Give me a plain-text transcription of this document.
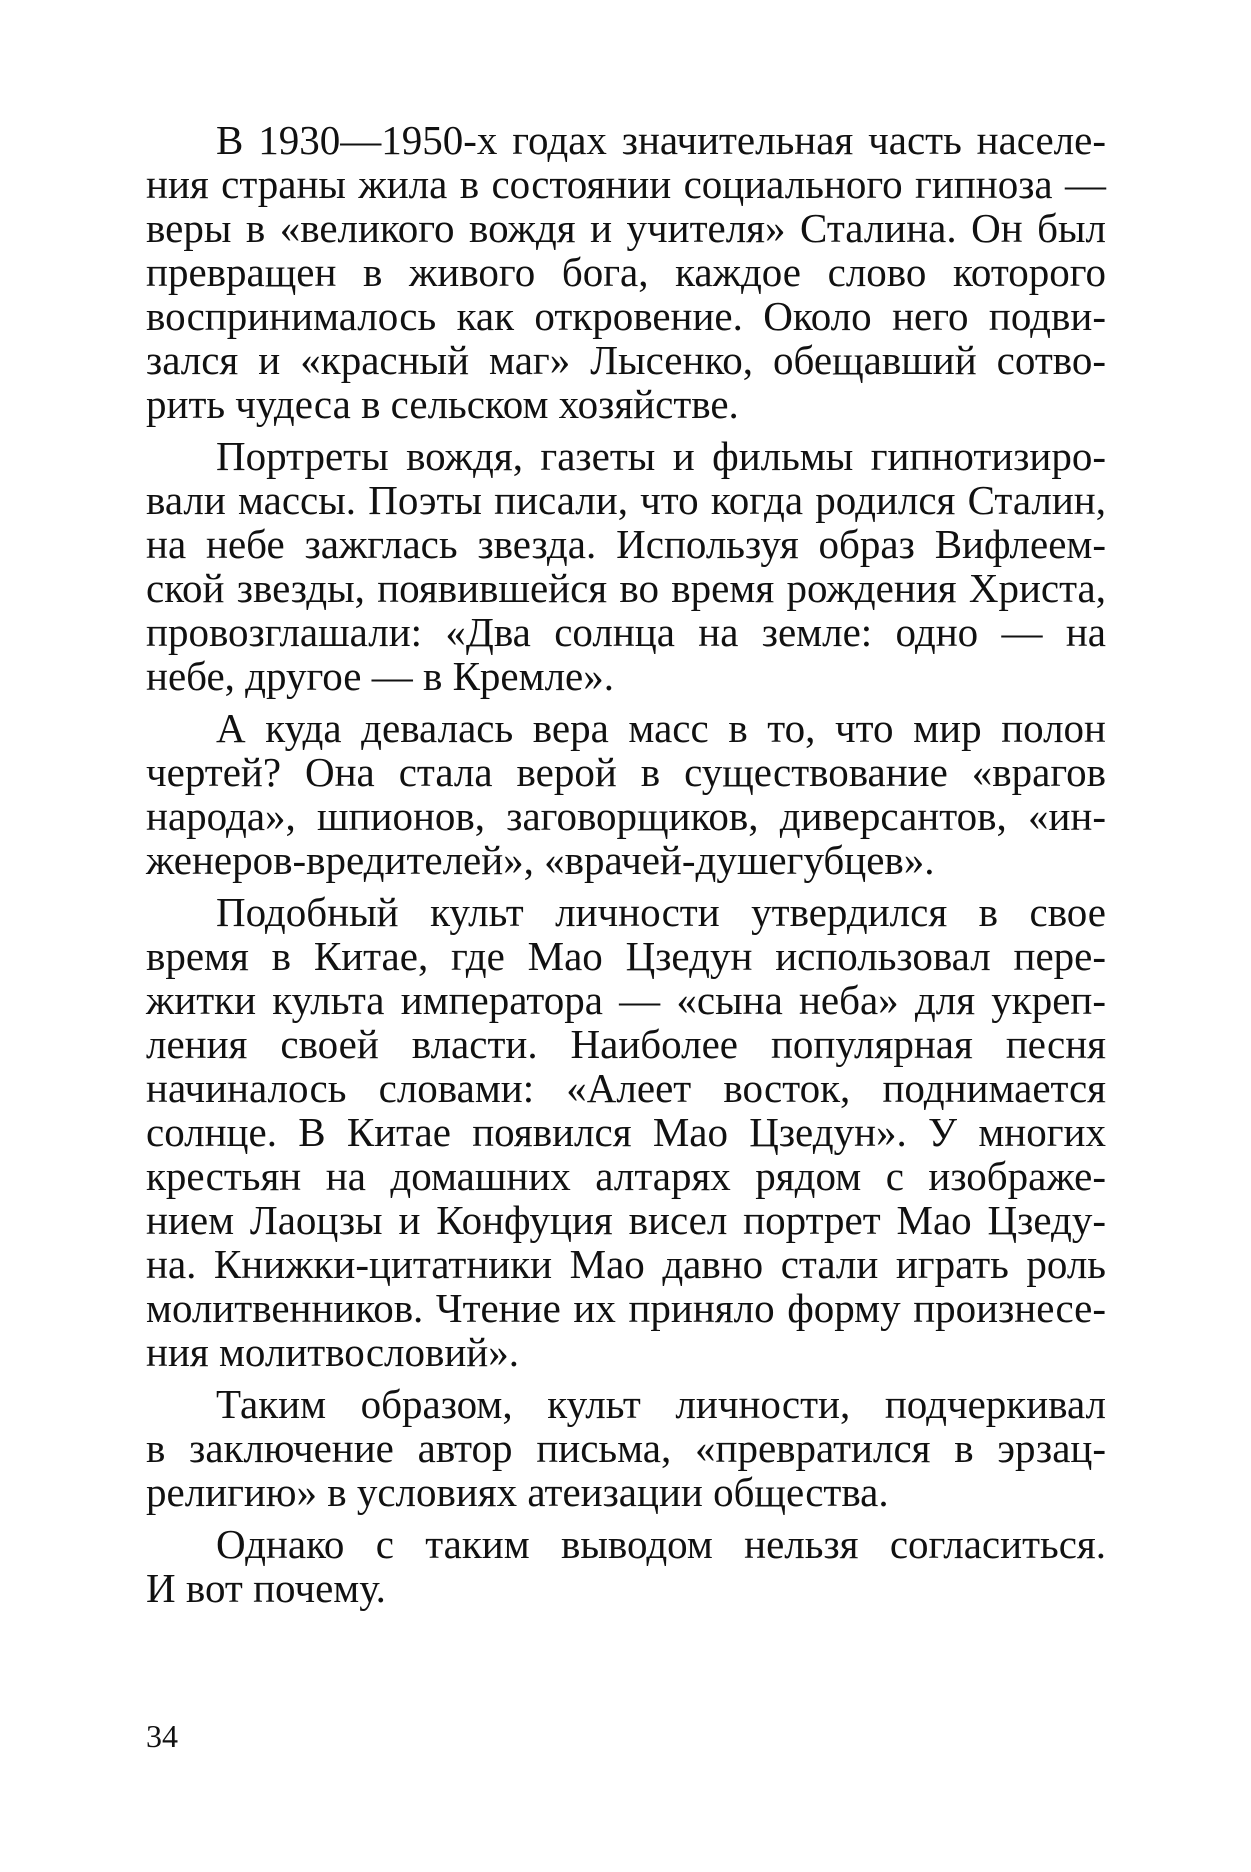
В 1930—1950-х годах значительная часть населе-
ния страны жила в состоянии социального гипноза —
веры в «великого вождя и учителя» Сталина. Он был
превращен в живого бога, каждое слово которого
воспринималось как откровение. Около него подви-
зался и «красный маг» Лысенко, обещавший сотво-
рить чудеса в сельском хозяйстве.

Портреты вождя, газеты и фильмы гипнотизиро-
вали массы. Поэты писали, что когда родился Сталин,
на небе зажглась звезда. Используя образ Вифлеем-
ской звезды, появившейся во время рождения Христа,
провозглашали: «Два солнца на земле: одно — на
небе, другое — в Кремле».

А куда девалась вера масс в то, что мир полон
чертей? Она стала верой в существование «врагов
народа», шпионов, заговорщиков, диверсантов, «ин-
женеров-вредителей», «врачей-душегубцев».

Подобный культ личности утвердился в свое
время в Китае, где Мао Цзедун использовал пере-
житки культа императора — «сына неба» для укреп-
ления своей власти. Наиболее популярная песня
начиналось словами: «Алеет восток, поднимается
солнце. В Китае появился Мао Цзедун». У многих
крестьян на домашних алтарях рядом с изображе-
нием Лаоцзы и Конфуция висел портрет Мао Цзеду-
на. Книжки-цитатники Мао давно стали играть роль
молитвенников. Чтение их приняло форму произнесе-
ния молитвословий».

Таким образом, культ личности, подчеркивал
в заключение автор письма, «превратился в эрзац-
религию» в условиях атеизации общества.

Однако с таким выводом нельзя согласиться.
И вот почему.

34
